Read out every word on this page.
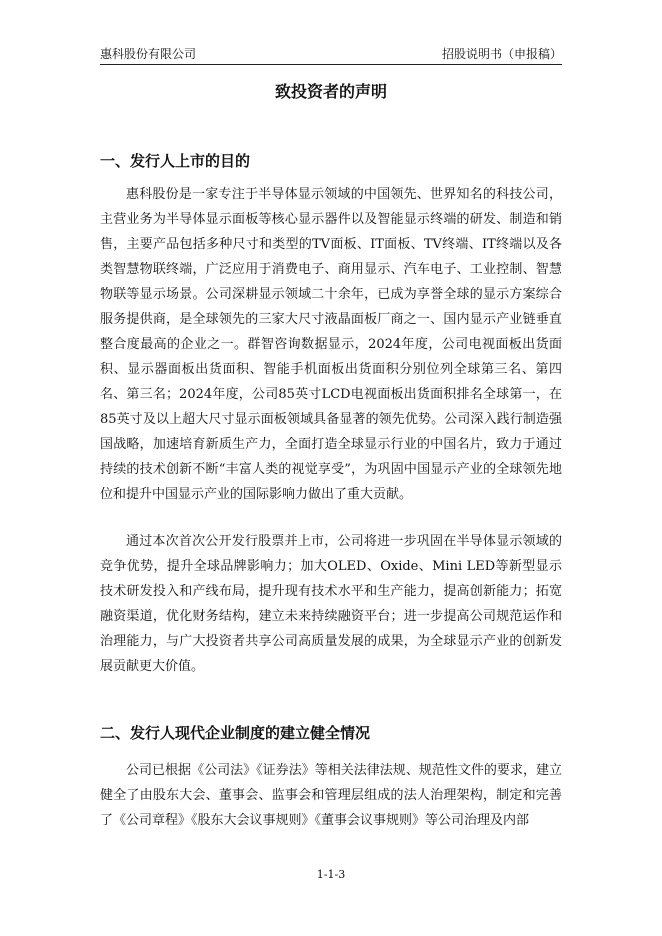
惠科股份有限公司	招股说明书（申报稿）
致投资者的声明
一、发行人上市的目的

惠科股份是一家专注于半导体显示领域的中国领先、世界知名的科技公司，主营业务为半导体显示面板等核心显示器件以及智能显示终端的研发、制造和销售，主要产品包括多种尺寸和类型的TV面板、IT面板、TV终端、IT终端以及各类智慧物联终端，广泛应用于消费电子、商用显示、汽车电子、工业控制、智慧物联等显示场景。公司深耕显示领域二十余年，已成为享誉全球的显示方案综合服务提供商，是全球领先的三家大尺寸液晶面板厂商之一、国内显示产业链垂直整合度最高的企业之一。群智咨询数据显示，2024年度，公司电视面板出货面积、显示器面板出货面积、智能手机面板出货面积分别位列全球第三名、第四名、第三名；2024年度，公司85英寸LCD电视面板出货面积排名全球第一，在85英寸及以上超大尺寸显示面板领域具备显著的领先优势。公司深入践行制造强国战略，加速培育新质生产力，全面打造全球显示行业的中国名片，致力于通过持续的技术创新不断“丰富人类的视觉享受”，为巩固中国显示产业的全球领先地位和提升中国显示产业的国际影响力做出了重大贡献。

通过本次首次公开发行股票并上市，公司将进一步巩固在半导体显示领域的竞争优势，提升全球品牌影响力；加大OLED、Oxide、Mini LED等新型显示技术研发投入和产线布局，提升现有技术水平和生产能力，提高创新能力；拓宽融资渠道，优化财务结构，建立未来持续融资平台；进一步提高公司规范运作和治理能力，与广大投资者共享公司高质量发展的成果，为全球显示产业的创新发展贡献更大价值。

二、发行人现代企业制度的建立健全情况

公司已根据《公司法》《证券法》等相关法律法规、规范性文件的要求，建立健全了由股东大会、董事会、监事会和管理层组成的法人治理架构，制定和完善了《公司章程》《股东大会议事规则》《董事会议事规则》等公司治理及内部

1-1-3
